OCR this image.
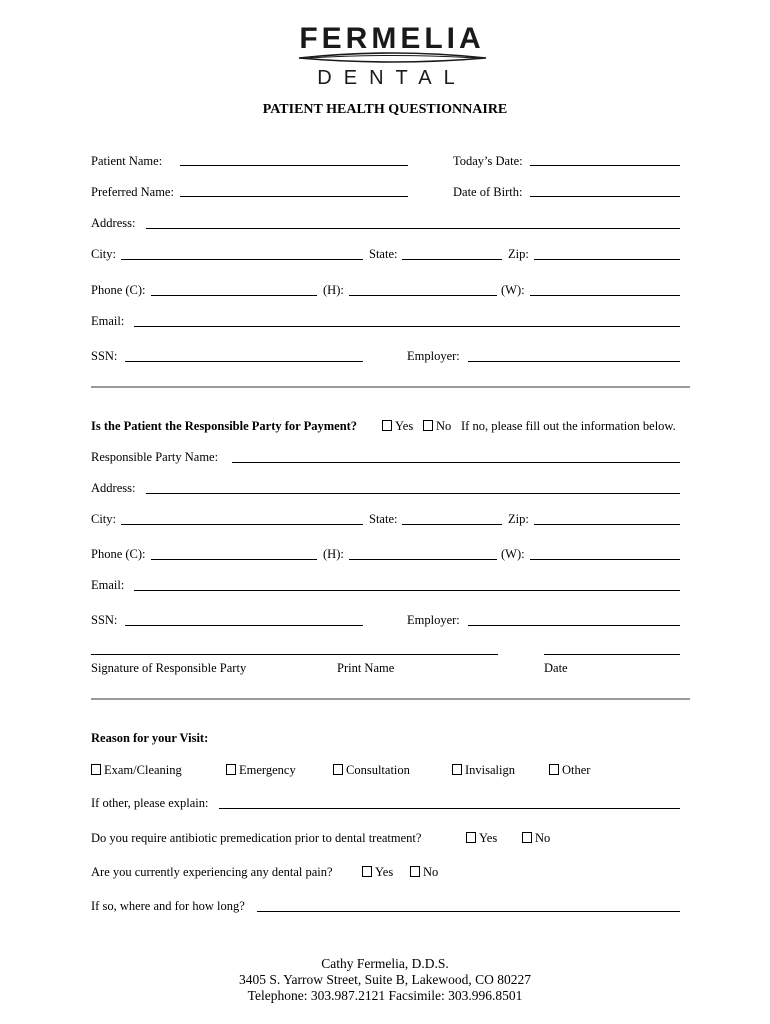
FERMELIA
DENTAL
PATIENT HEALTH QUESTIONNAIRE
Patient Name:	Today’s Date:
Preferred Name:	Date of Birth:
Address:
City:	State:	Zip:
Phone (C):	(H):	(W):
Email:
SSN:	Employer:
Is the Patient the Responsible Party for Payment?	Yes	No If no, please fill out the information below.
Responsible Party Name:
Address:
City:	State:	Zip:
Phone (C):	(H):	(W):
Email:
SSN:	Employer:
Signature of Responsible Party	Print Name	Date
Reason for your Visit:
Exam/Cleaning	Emergency	Consultation	Invisalign	Other
If other, please explain:
Do you require antibiotic premedication prior to dental treatment?	Yes	No
Are you currently experiencing any dental pain?	Yes	No
If so, where and for how long?
Cathy Fermelia, D.D.S.
3405 S. Yarrow Street, Suite B, Lakewood, CO 80227
Telephone: 303.987.2121 Facsimile: 303.996.8501
